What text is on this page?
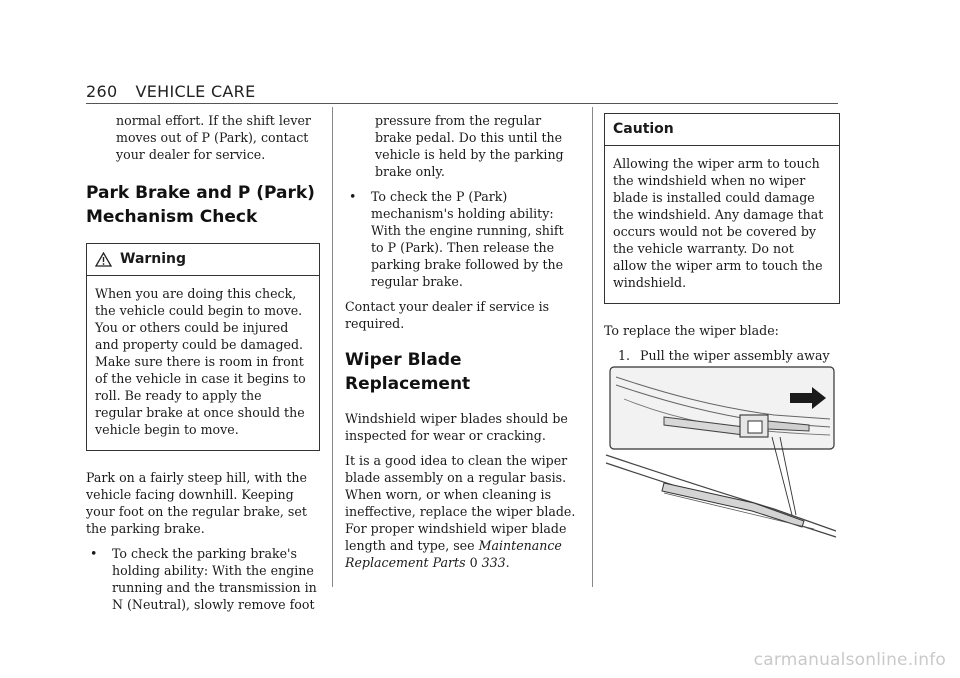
260 VEHICLE CARE

normal effort. If the shift lever moves out of P (Park), contact your dealer for service.

Park Brake and P (Park)
Mechanism Check
Warning

When you are doing this check, the vehicle could begin to move. You or others could be injured and property could be damaged. Make sure there is room in front of the vehicle in case it begins to roll. Be ready to apply the regular brake at once should the vehicle begin to move.

Park on a fairly steep hill, with the vehicle facing downhill. Keeping your foot on the regular brake, set the parking brake.

•	To check the parking brake's holding ability: With the engine running and the transmission in N (Neutral), slowly remove foot

pressure from the regular brake pedal. Do this until the vehicle is held by the parking brake only.

•	To check the P (Park) mechanism's holding ability: With the engine running, shift to P (Park). Then release the parking brake followed by the regular brake.

Contact your dealer if service is required.

Wiper Blade Replacement

Windshield wiper blades should be inspected for wear or cracking.

It is a good idea to clean the wiper blade assembly on a regular basis. When worn, or when cleaning is ineffective, replace the wiper blade. For proper windshield wiper blade length and type, see Maintenance Replacement Parts 0 333.

Caution

Allowing the wiper arm to touch the windshield when no wiper blade is installed could damage the windshield. Any damage that occurs would not be covered by the vehicle warranty. Do not allow the wiper arm to touch the windshield.

To replace the wiper blade:

1. Pull the wiper assembly away
carmanualsonline.info
